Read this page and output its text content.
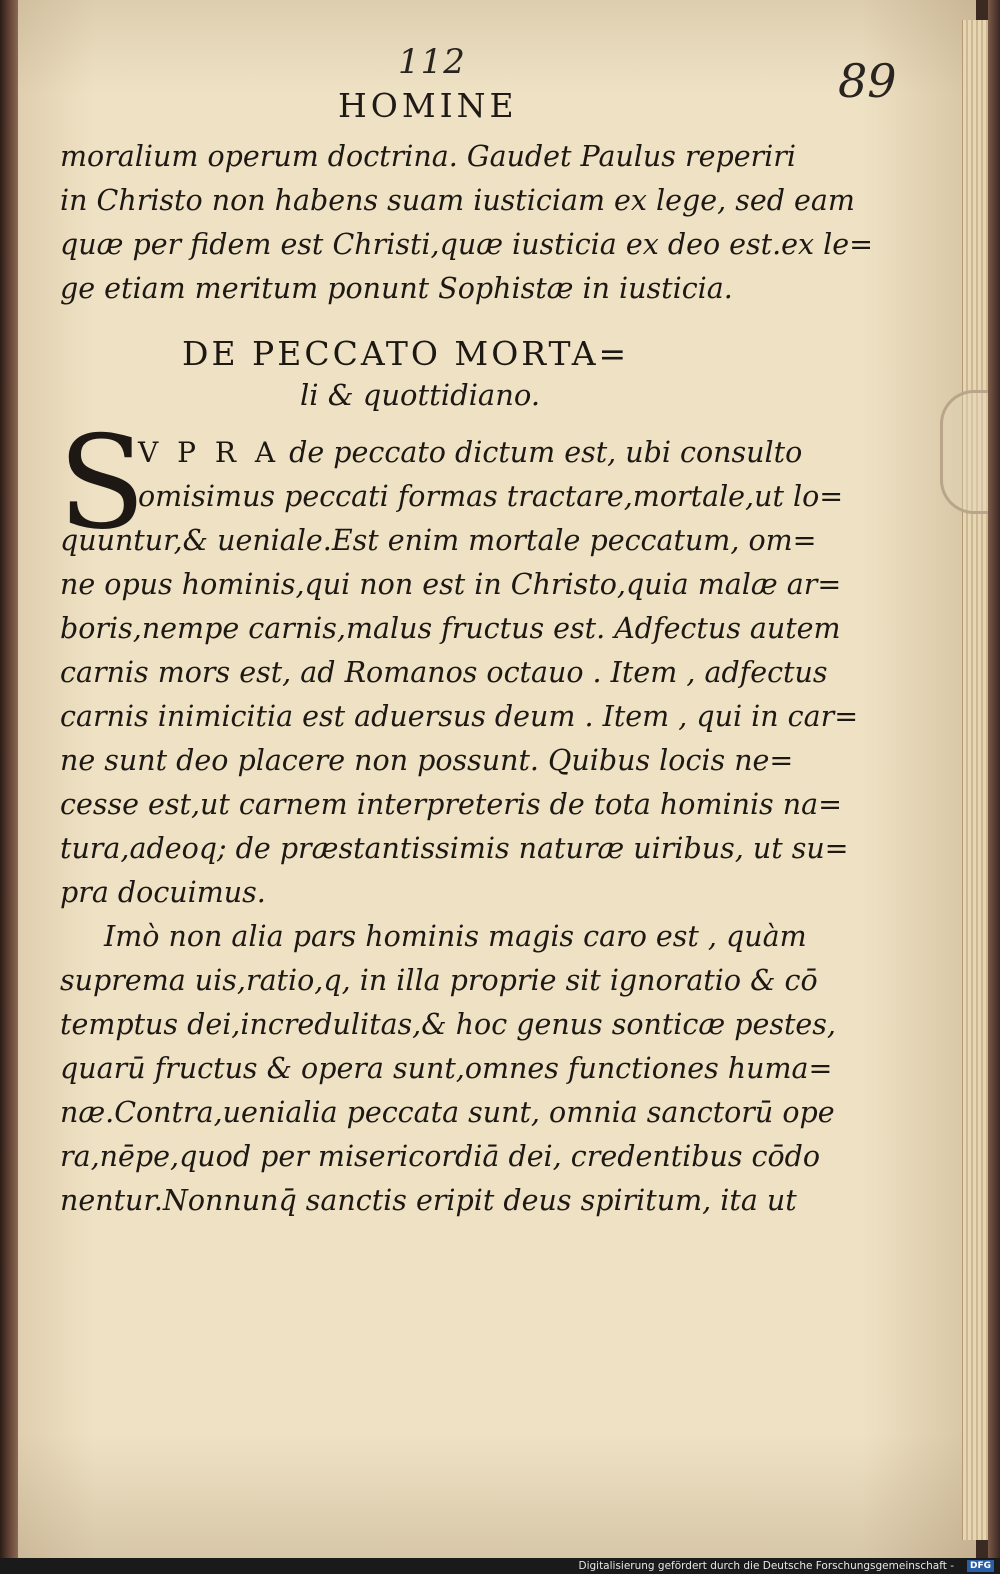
112	89
HOMINE
moralium operum doctrina. Gaudet Paulus reperiri
in Christo non habens suam iusticiam ex lege, sed eam
quæ per fidem est Christi,quæ iusticia ex deo est.ex le=
ge etiam meritum ponunt Sophistæ in iusticia.
DE PECCATO MORTA=
li & quottidiano.
S
V P R A de peccato dictum est, ubi consulto
omisimus peccati formas tractare,mortale,ut lo=
quuntur,& ueniale.Est enim mortale peccatum, om=
ne opus hominis,qui non est in Christo,quia malæ ar=
boris,nempe carnis,malus fructus est. Adfectus autem
carnis mors est, ad Romanos octauo . Item , adfectus
carnis inimicitia est aduersus deum . Item , qui in car=
ne sunt deo placere non possunt. Quibus locis ne=
cesse est,ut carnem interpreteris de tota hominis na=
tura,adeoq; de præstantissimis naturæ uiribus, ut su=
pra docuimus.
Imò non alia pars hominis magis caro est , quàm
suprema uis,ratio,q, in illa proprie sit ignoratio & cō
temptus dei,incredulitas,& hoc genus sonticæ pestes,
quarū fructus & opera sunt,omnes functiones huma=
næ.Contra,uenialia peccata sunt, omnia sanctorū ope
ra,nēpe,quod per misericordiā dei, credentibus cōdo
nentur.Nonnunq̄ sanctis eripit deus spiritum, ita ut
Digitalisierung gefördert durch die Deutsche Forschungsgemeinschaft -	DFG
